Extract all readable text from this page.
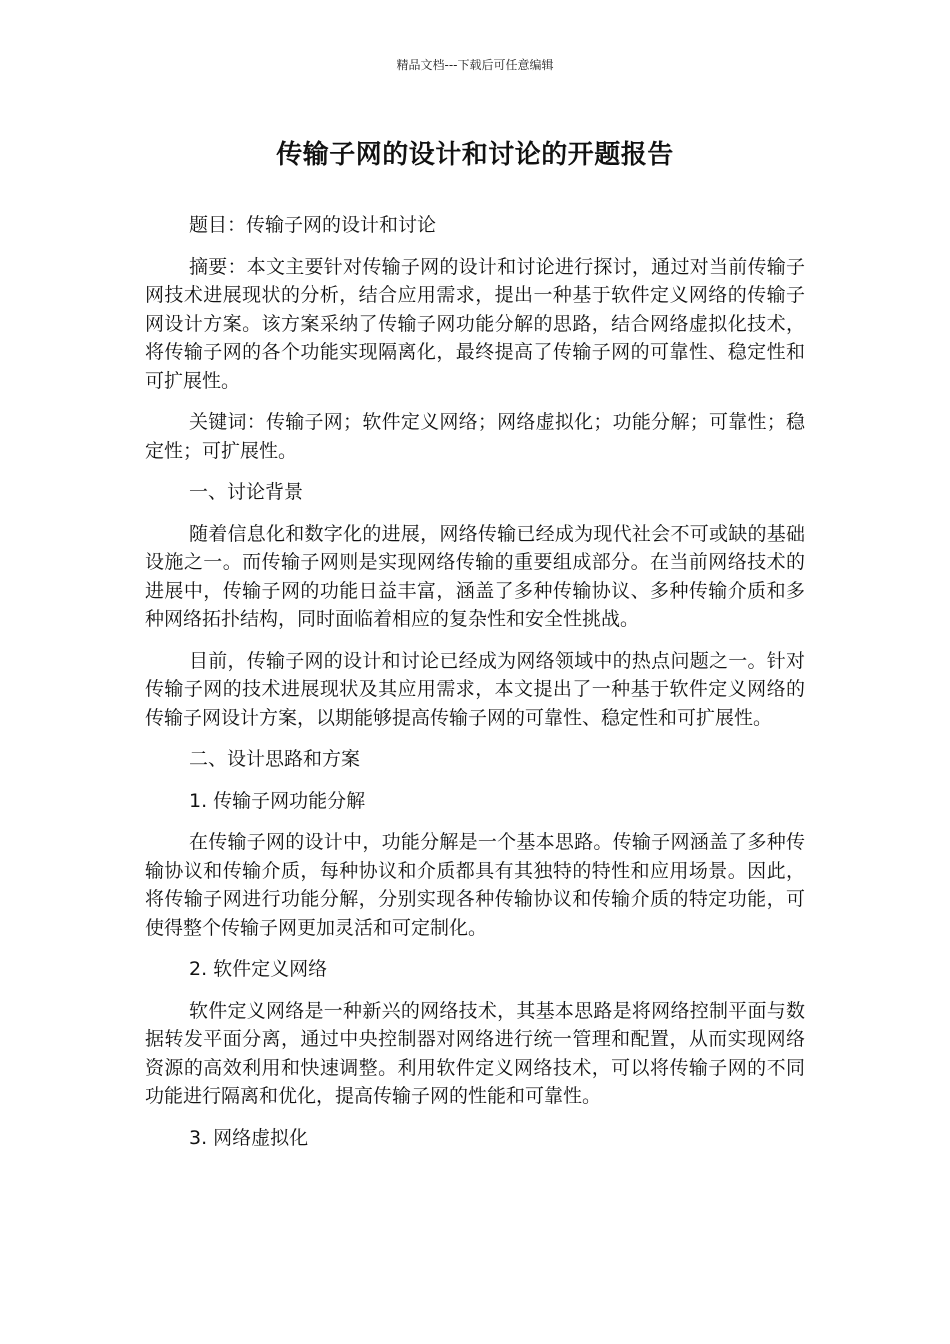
精品文档---下载后可任意编辑
传输子网的设计和讨论的开题报告

题目：传输子网的设计和讨论

摘要：本文主要针对传输子网的设计和讨论进行探讨，通过对当前传输子网技术进展现状的分析，结合应用需求，提出一种基于软件定义网络的传输子网设计方案。该方案采纳了传输子网功能分解的思路，结合网络虚拟化技术，将传输子网的各个功能实现隔离化，最终提高了传输子网的可靠性、稳定性和可扩展性。

关键词：传输子网；软件定义网络；网络虚拟化；功能分解；可靠性；稳定性；可扩展性。

一、讨论背景

随着信息化和数字化的进展，网络传输已经成为现代社会不可或缺的基础设施之一。而传输子网则是实现网络传输的重要组成部分。在当前网络技术的进展中，传输子网的功能日益丰富，涵盖了多种传输协议、多种传输介质和多种网络拓扑结构，同时面临着相应的复杂性和安全性挑战。

目前，传输子网的设计和讨论已经成为网络领域中的热点问题之一。针对传输子网的技术进展现状及其应用需求，本文提出了一种基于软件定义网络的传输子网设计方案，以期能够提高传输子网的可靠性、稳定性和可扩展性。

二、设计思路和方案

1. 传输子网功能分解

在传输子网的设计中，功能分解是一个基本思路。传输子网涵盖了多种传输协议和传输介质，每种协议和介质都具有其独特的特性和应用场景。因此，将传输子网进行功能分解，分别实现各种传输协议和传输介质的特定功能，可使得整个传输子网更加灵活和可定制化。

2. 软件定义网络

软件定义网络是一种新兴的网络技术，其基本思路是将网络控制平面与数据转发平面分离，通过中央控制器对网络进行统一管理和配置，从而实现网络资源的高效利用和快速调整。利用软件定义网络技术，可以将传输子网的不同功能进行隔离和优化，提高传输子网的性能和可靠性。

3. 网络虚拟化
